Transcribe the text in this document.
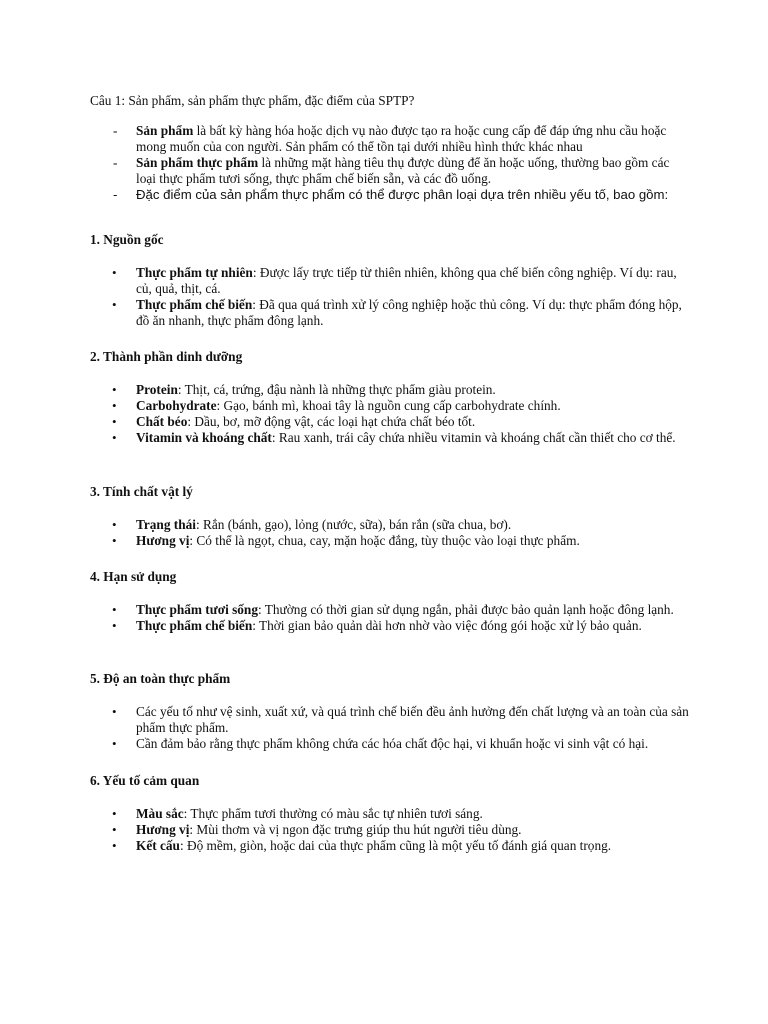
Câu 1: Sản phẩm, sản phẩm thực phẩm, đặc điểm của SPTP?
- Sản phẩm là bất kỳ hàng hóa hoặc dịch vụ nào được tạo ra hoặc cung cấp để đáp ứng nhu cầu hoặc mong muốn của con người. Sản phẩm có thể tồn tại dưới nhiều hình thức khác nhau
- Sản phẩm thực phẩm là những mặt hàng tiêu thụ được dùng để ăn hoặc uống, thường bao gồm các loại thực phẩm tươi sống, thực phẩm chế biến sẵn, và các đồ uống.
- Đặc điểm của sản phẩm thực phẩm có thể được phân loại dựa trên nhiều yếu tố, bao gồm:
1. Nguồn gốc
• Thực phẩm tự nhiên: Được lấy trực tiếp từ thiên nhiên, không qua chế biến công nghiệp. Ví dụ: rau, củ, quả, thịt, cá.
• Thực phẩm chế biến: Đã qua quá trình xử lý công nghiệp hoặc thủ công. Ví dụ: thực phẩm đóng hộp, đồ ăn nhanh, thực phẩm đông lạnh.
2. Thành phần dinh dưỡng
• Protein: Thịt, cá, trứng, đậu nành là những thực phẩm giàu protein.
• Carbohydrate: Gạo, bánh mì, khoai tây là nguồn cung cấp carbohydrate chính.
• Chất béo: Dầu, bơ, mỡ động vật, các loại hạt chứa chất béo tốt.
• Vitamin và khoáng chất: Rau xanh, trái cây chứa nhiều vitamin và khoáng chất cần thiết cho cơ thể.
3. Tính chất vật lý
• Trạng thái: Rắn (bánh, gạo), lỏng (nước, sữa), bán rắn (sữa chua, bơ).
• Hương vị: Có thể là ngọt, chua, cay, mặn hoặc đắng, tùy thuộc vào loại thực phẩm.
4. Hạn sử dụng
• Thực phẩm tươi sống: Thường có thời gian sử dụng ngắn, phải được bảo quản lạnh hoặc đông lạnh.
• Thực phẩm chế biến: Thời gian bảo quản dài hơn nhờ vào việc đóng gói hoặc xử lý bảo quản.
5. Độ an toàn thực phẩm
• Các yếu tố như vệ sinh, xuất xứ, và quá trình chế biến đều ảnh hưởng đến chất lượng và an toàn của sản phẩm thực phẩm.
• Cần đảm bảo rằng thực phẩm không chứa các hóa chất độc hại, vi khuẩn hoặc vi sinh vật có hại.
6. Yếu tố cảm quan
• Màu sắc: Thực phẩm tươi thường có màu sắc tự nhiên tươi sáng.
• Hương vị: Mùi thơm và vị ngon đặc trưng giúp thu hút người tiêu dùng.
• Kết cấu: Độ mềm, giòn, hoặc dai của thực phẩm cũng là một yếu tố đánh giá quan trọng.
